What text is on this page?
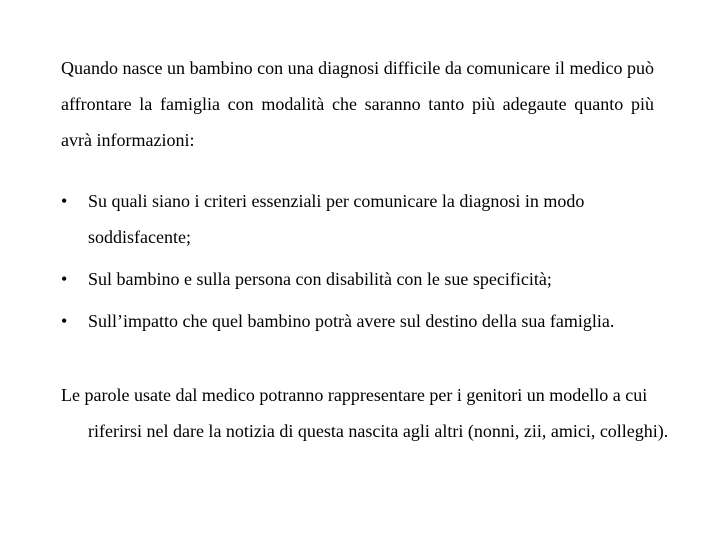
Quando nasce un bambino con una diagnosi difficile da comunicare il medico può affrontare la famiglia con modalità che saranno tanto più adegaute quanto più avrà informazioni:

• Su quali siano i criteri essenziali per comunicare la diagnosi in modo soddisfacente;
• Sul bambino e sulla persona con disabilità con le sue specificità;
• Sull’impatto che quel bambino potrà avere sul destino della sua famiglia.

Le parole usate dal medico potranno rappresentare per i genitori un modello a cui riferirsi nel dare la notizia di questa nascita agli altri (nonni, zii, amici, colleghi).
